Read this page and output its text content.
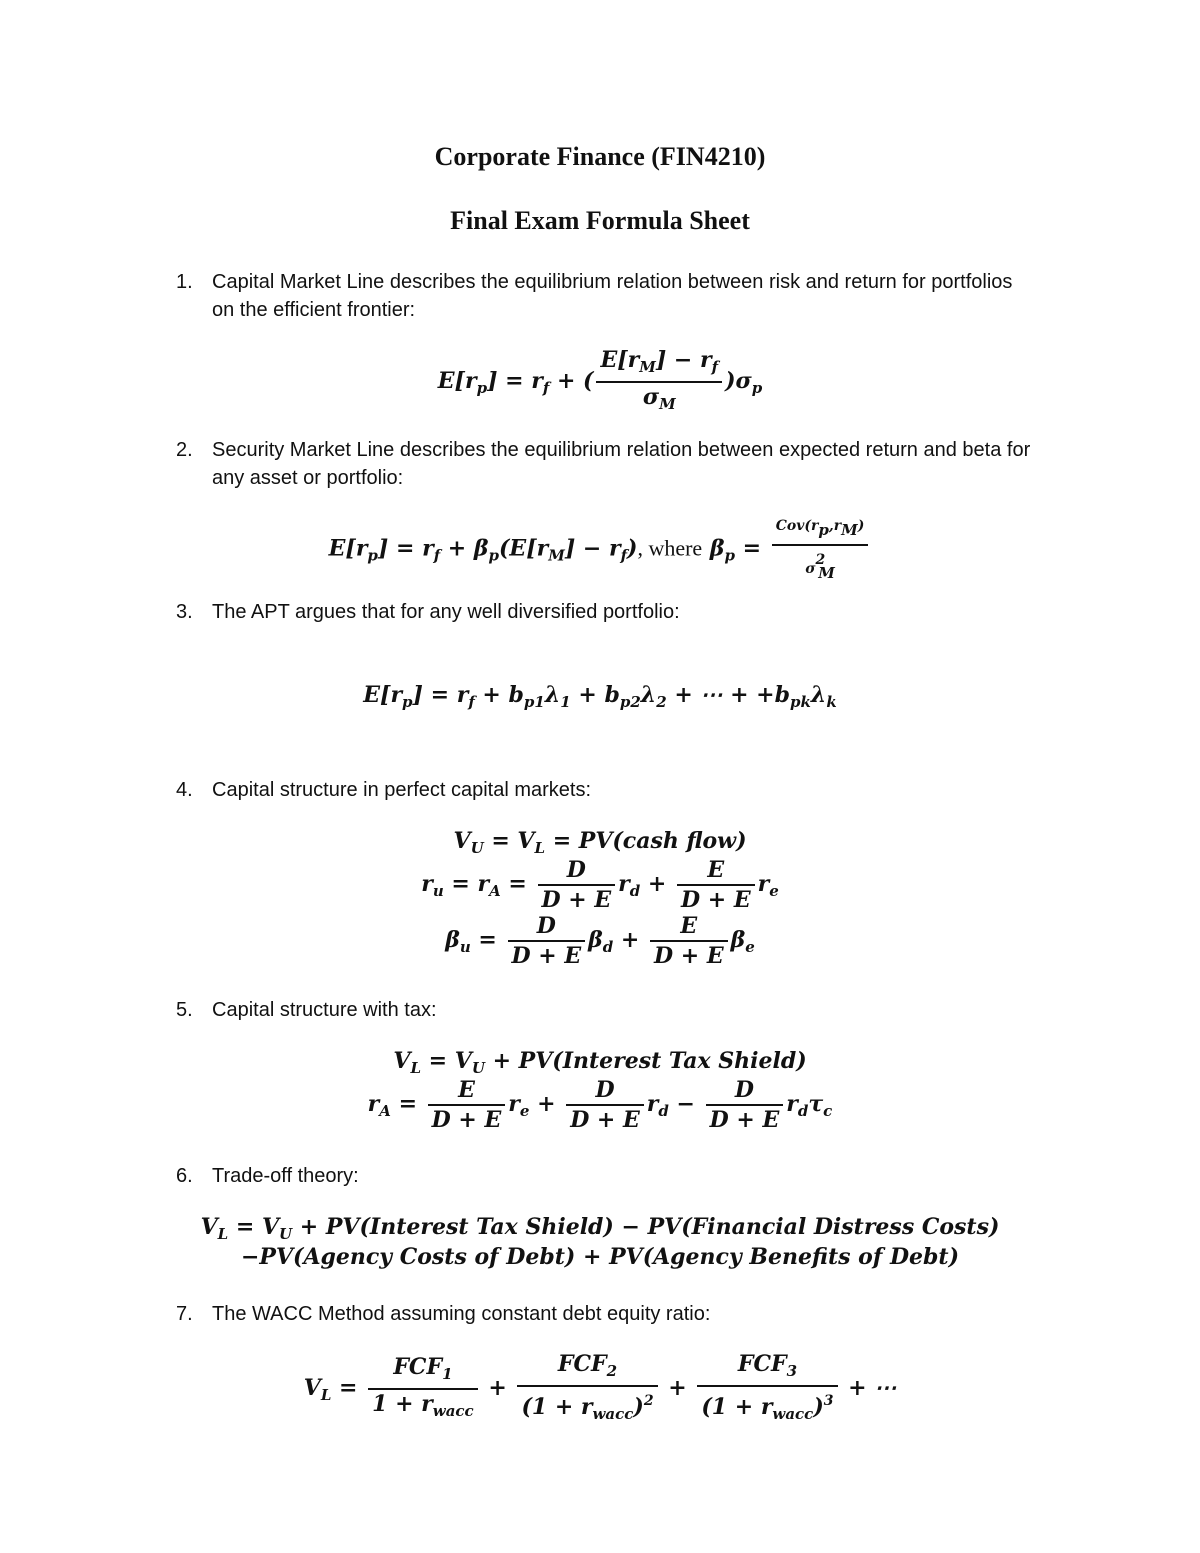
Corporate Finance (FIN4210)
Final Exam Formula Sheet
1. Capital Market Line describes the equilibrium relation between risk and return for portfolios on the efficient frontier:
$E[r_p] = r_f$ + ( $\frac{E[r_M] - r_f}{\sigma_M} )\sigma_p$
2. Security Market Line describes the equilibrium relation between expected return and beta for any asset or portfolio:
$E[r_p] = r_f + \beta_p(E[r_M] - r_f)$, where $\beta_p = \frac{Cov(r_p,r_M)}{\sigma^2_M}$
3. The APT argues that for any well diversified portfolio:
$E[r_p] = r_f + b_{p1}\lambda_1 + b_{p2}\lambda_2$ + ⋯ + $+b_{pk}\lambda_k$
4. Capital structure in perfect capital markets:
$V_U = V_L$ = PV(cash flow)
$r_u = r_A = \frac{D}{D + E} r_d + \frac{E}{D + E} r_e$
$\beta_u = \frac{D}{D + E} \beta_d + \frac{E}{D + E} \beta_e$
5. Capital structure with tax:
$V_L = V_U$ + PV(Interest Tax Shield)
$r_A = \frac{E}{D + E} r_e + \frac{D}{D + E} r_d - \frac{D}{D + E} r_d\tau_c$
6. Trade-off theory:
$V_L = V_U$ + PV(Interest Tax Shield) − PV(Financial Distress Costs)
−PV(Agency Costs of Debt) + PV(Agency Benefits of Debt)
7. The WACC Method assuming constant debt equity ratio:
$V_L = \frac{FCF_1}{1 + r_{wacc}} + \frac{FCF_2}{(1 + r_{wacc})^2} + \frac{FCF_3}{(1 + r_{wacc})^3}$ + ⋯
